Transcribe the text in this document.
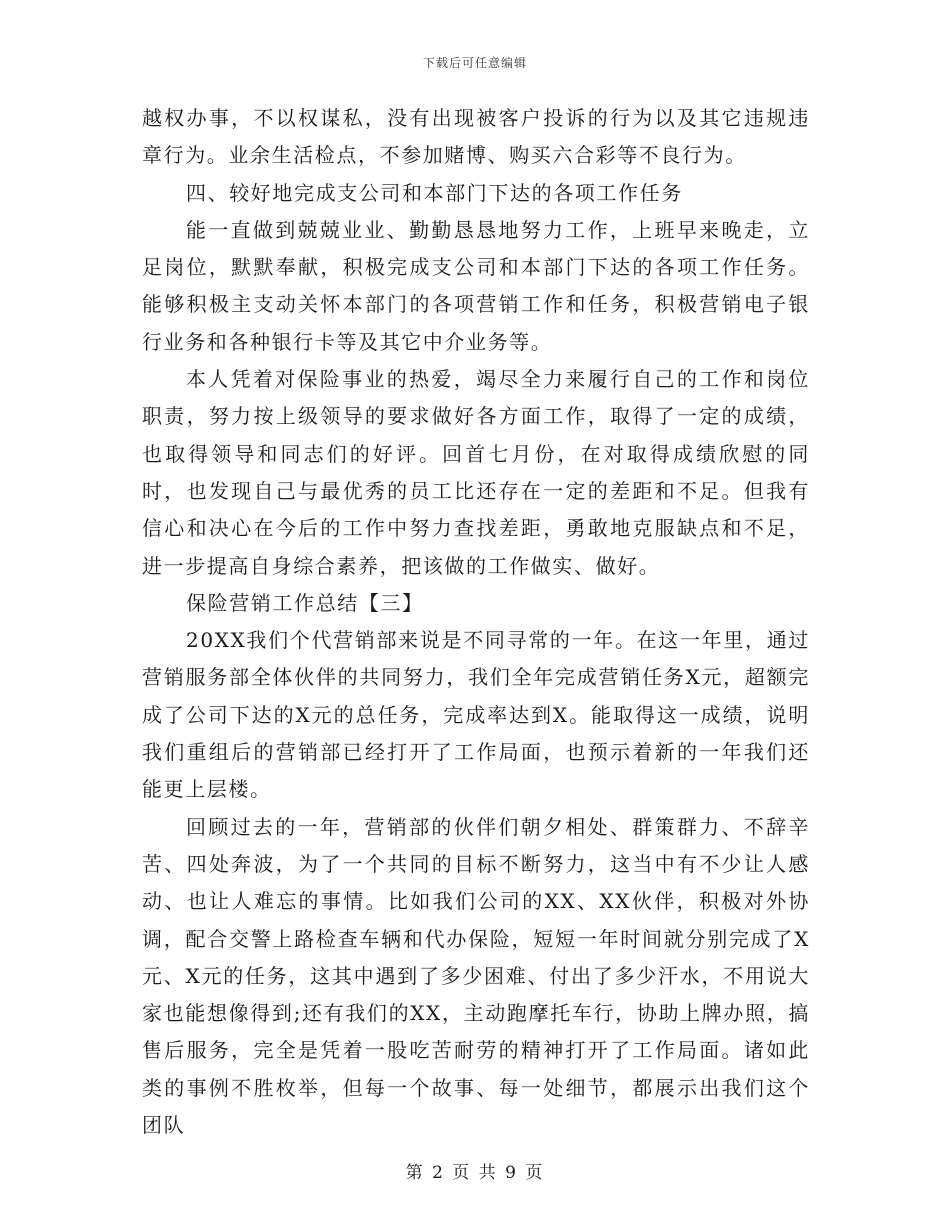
下载后可任意编辑

越权办事，不以权谋私，没有出现被客户投诉的行为以及其它违规违章行为。业余生活检点，不参加赌博、购买六合彩等不良行为。

四、较好地完成支公司和本部门下达的各项工作任务

能一直做到兢兢业业、勤勤恳恳地努力工作，上班早来晚走，立足岗位，默默奉献，积极完成支公司和本部门下达的各项工作任务。能够积极主支动关怀本部门的各项营销工作和任务，积极营销电子银行业务和各种银行卡等及其它中介业务等。

本人凭着对保险事业的热爱，竭尽全力来履行自己的工作和岗位职责，努力按上级领导的要求做好各方面工作，取得了一定的成绩，也取得领导和同志们的好评。回首七月份，在对取得成绩欣慰的同时，也发现自己与最优秀的员工比还存在一定的差距和不足。但我有信心和决心在今后的工作中努力查找差距，勇敢地克服缺点和不足，进一步提高自身综合素养，把该做的工作做实、做好。

保险营销工作总结【三】

20XX我们个代营销部来说是不同寻常的一年。在这一年里，通过营销服务部全体伙伴的共同努力，我们全年完成营销任务X元，超额完成了公司下达的X元的总任务，完成率达到X。能取得这一成绩，说明我们重组后的营销部已经打开了工作局面，也预示着新的一年我们还能更上层楼。

回顾过去的一年，营销部的伙伴们朝夕相处、群策群力、不辞辛苦、四处奔波，为了一个共同的目标不断努力，这当中有不少让人感动、也让人难忘的事情。比如我们公司的XX、XX伙伴，积极对外协调，配合交警上路检查车辆和代办保险，短短一年时间就分别完成了X元、X元的任务，这其中遇到了多少困难、付出了多少汗水，不用说大家也能想像得到;还有我们的XX，主动跑摩托车行，协助上牌办照，搞售后服务，完全是凭着一股吃苦耐劳的精神打开了工作局面。诸如此类的事例不胜枚举，但每一个故事、每一处细节，都展示出我们这个团队

第 2 页 共 9 页
